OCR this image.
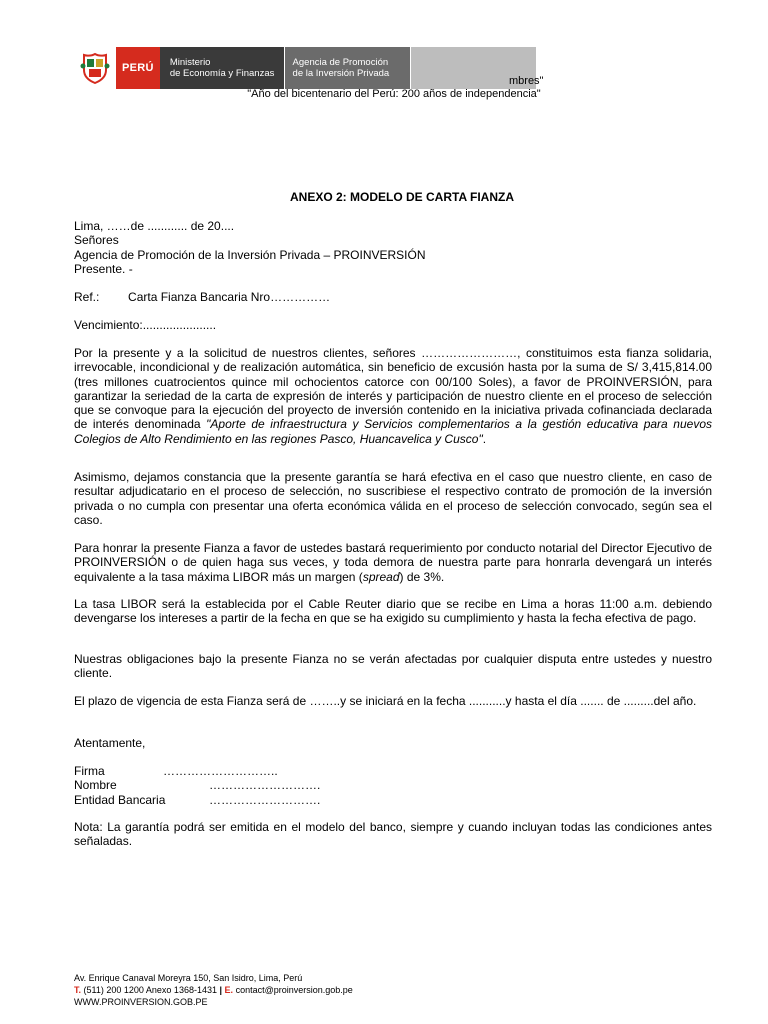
PERÚ	Ministerio
de Economía y Finanzas
Agencia de Promoción
de la Inversión Privada
mbres"
"Año del bicentenario del Perú: 200 años de independencia"
ANEXO 2: MODELO DE CARTA FIANZA

Lima, ……de ............ de 20....

Señores

Agencia de Promoción de la Inversión Privada – PROINVERSIÓN

Presente. -

Ref.: Carta Fianza Bancaria Nro……………
Vencimiento:......................

Por la presente y a la solicitud de nuestros clientes, señores ……………………, constituimos esta fianza solidaria, irrevocable, incondicional y de realización automática, sin beneficio de excusión hasta por la suma de S/ 3,415,814.00 (tres millones cuatrocientos quince mil ochocientos catorce con 00/100 Soles), a favor de PROINVERSIÓN, para garantizar la seriedad de la carta de expresión de interés y participación de nuestro cliente en el proceso de selección que se convoque para la ejecución del proyecto de inversión contenido en la iniciativa privada cofinanciada declarada de interés denominada "Aporte de infraestructura y Servicios complementarios a la gestión educativa para nuevos Colegios de Alto Rendimiento en las regiones Pasco, Huancavelica y Cusco".

Asimismo, dejamos constancia que la presente garantía se hará efectiva en el caso que nuestro cliente, en caso de resultar adjudicatario en el proceso de selección, no suscribiese el respectivo contrato de promoción de la inversión privada o no cumpla con presentar una oferta económica válida en el proceso de selección convocado, según sea el caso.

Para honrar la presente Fianza a favor de ustedes bastará requerimiento por conducto notarial del Director Ejecutivo de PROINVERSIÓN o de quien haga sus veces, y toda demora de nuestra parte para honrarla devengará un interés equivalente a la tasa máxima LIBOR más un margen (spread) de 3%.

La tasa LIBOR será la establecida por el Cable Reuter diario que se recibe en Lima a horas 11:00 a.m. debiendo devengarse los intereses a partir de la fecha en que se ha exigido su cumplimiento y hasta la fecha efectiva de pago.

Nuestras obligaciones bajo la presente Fianza no se verán afectadas por cualquier disputa entre ustedes y nuestro cliente.

El plazo de vigencia de esta Fianza será de ……..y se iniciará en la fecha ...........y hasta el día ....... de .........del año.

Atentamente,
Firma	………………………..
Nombre	……………………….
Entidad Bancaria	……………………….

Nota: La garantía podrá ser emitida en el modelo del banco, siempre y cuando incluyan todas las condiciones antes señaladas.

Av. Enrique Canaval Moreyra 150, San Isidro, Lima, Perú
T. (511) 200 1200 Anexo 1368-1431 | E. contact@proinversion.gob.pe
WWW.PROINVERSION.GOB.PE
